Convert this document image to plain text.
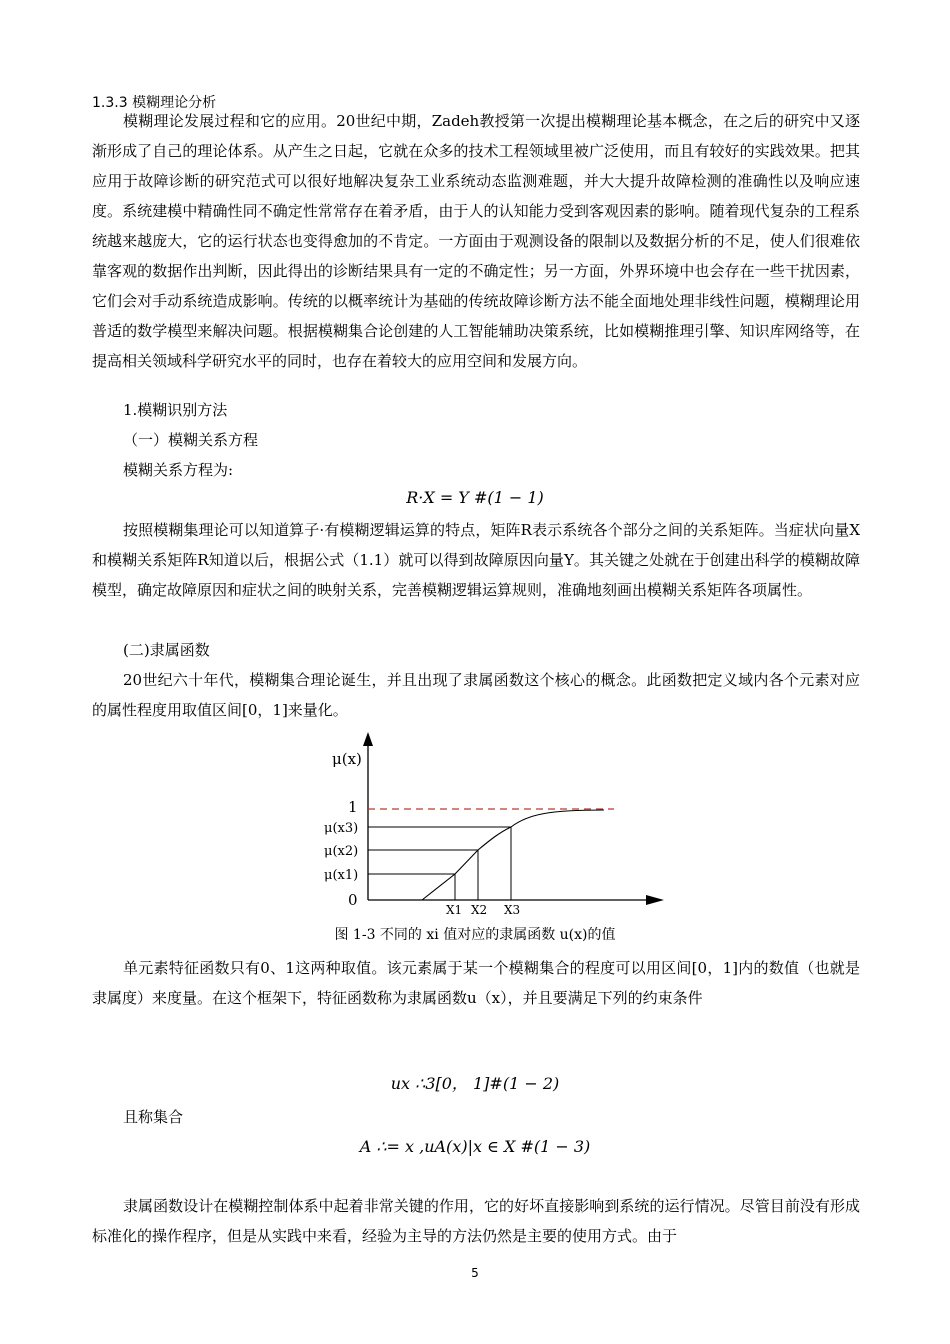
1.3.3 模糊理论分析
模糊理论发展过程和它的应用。20世纪中期，Zadeh教授第一次提出模糊理论基本概念，在之后的研究中又逐渐形成了自己的理论体系。从产生之日起，它就在众多的技术工程领域里被广泛使用，而且有较好的实践效果。把其应用于故障诊断的研究范式可以很好地解决复杂工业系统动态监测难题，并大大提升故障检测的准确性以及响应速度。系统建模中精确性同不确定性常常存在着矛盾，由于人的认知能力受到客观因素的影响。随着现代复杂的工程系统越来越庞大，它的运行状态也变得愈加的不肯定。一方面由于观测设备的限制以及数据分析的不足，使人们很难依靠客观的数据作出判断，因此得出的诊断结果具有一定的不确定性；另一方面，外界环境中也会存在一些干扰因素，它们会对手动系统造成影响。传统的以概率统计为基础的传统故障诊断方法不能全面地处理非线性问题，模糊理论用普适的数学模型来解决问题。根据模糊集合论创建的人工智能辅助决策系统，比如模糊推理引擎、知识库网络等，在提高相关领域科学研究水平的同时，也存在着较大的应用空间和发展方向。
1.模糊识别方法
（一）模糊关系方程
模糊关系方程为:
R·X = Y #(1 − 1)
按照模糊集理论可以知道算子·有模糊逻辑运算的特点，矩阵R表示系统各个部分之间的关系矩阵。当症状向量X和模糊关系矩阵R知道以后，根据公式（1.1）就可以得到故障原因向量Y。其关键之处就在于创建出科学的模糊故障模型，确定故障原因和症状之间的映射关系，完善模糊逻辑运算规则，准确地刻画出模糊关系矩阵各项属性。
(二)隶属函数
20世纪六十年代，模糊集合理论诞生，并且出现了隶属函数这个核心的概念。此函数把定义域内各个元素对应的属性程度用取值区间[0，1]来量化。
μ(x)
1
μ(x3)
μ(x2)
μ(x1)
0
X1 X2 X3
图 1-3 不同的 xi 值对应的隶属函数 u(x)的值
单元素特征函数只有0、1这两种取值。该元素属于某一个模糊集合的程度可以用区间[0，1]内的数值（也就是隶属度）来度量。在这个框架下，特征函数称为隶属函数u（x），并且要满足下列的约束条件
ux ∴3[0， 1]#(1 − 2)
且称集合
A ∴= x ,uA(x)|x ∈ X #(1 − 3)
隶属函数设计在模糊控制体系中起着非常关键的作用，它的好坏直接影响到系统的运行情况。尽管目前没有形成标准化的操作程序，但是从实践中来看，经验为主导的方法仍然是主要的使用方式。由于
5
